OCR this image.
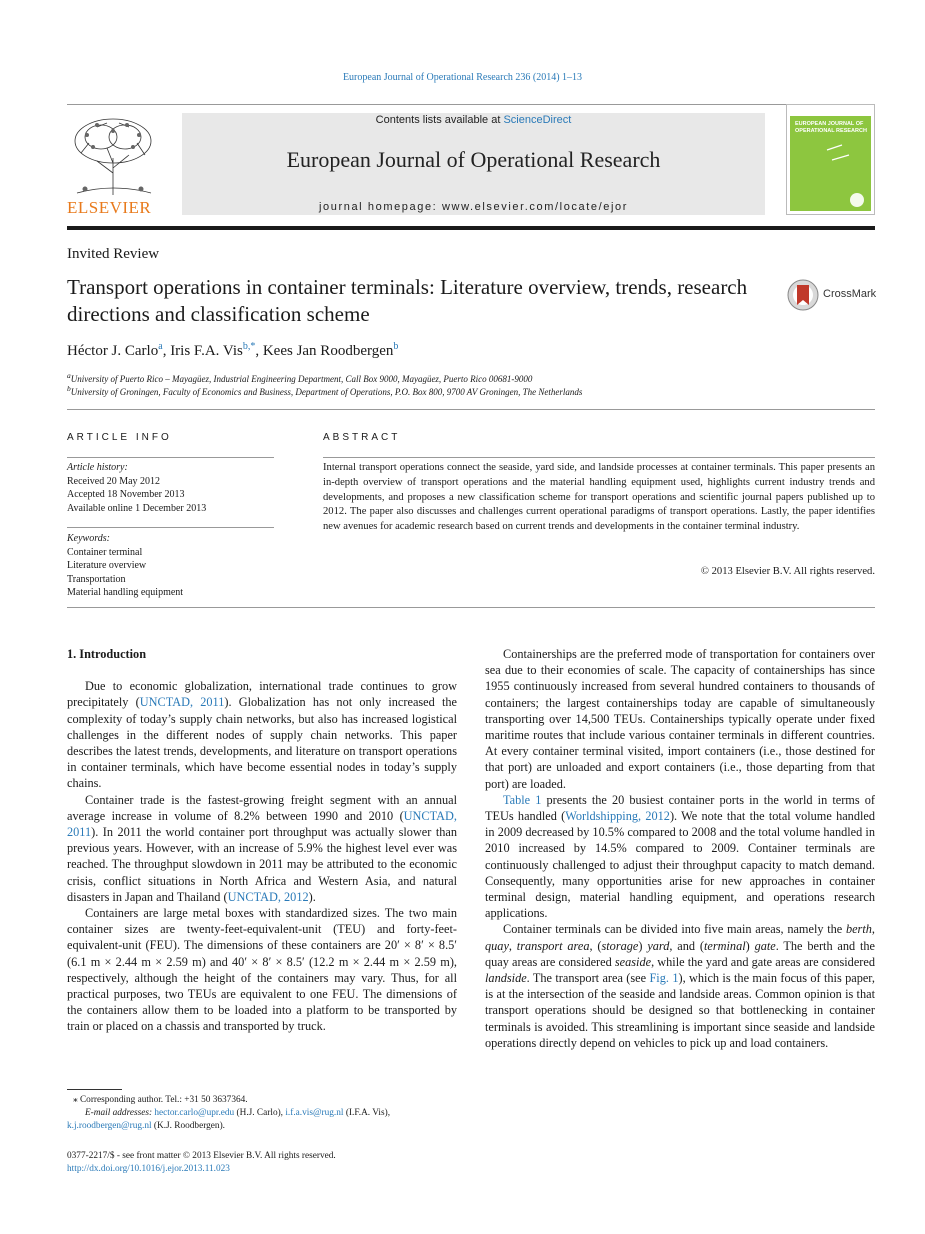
European Journal of Operational Research 236 (2014) 1–13
ELSEVIER
Contents lists available at ScienceDirect
European Journal of Operational Research
journal homepage: www.elsevier.com/locate/ejor
EUROPEAN JOURNAL OF
OPERATIONAL RESEARCH
Invited Review
Transport operations in container terminals: Literature overview, trends, research directions and classification scheme
CrossMark
Héctor J. Carlo$^a$, Iris F.A. Vis$^{b,*}$, Kees Jan Roodbergen$^b$
$^a$University of Puerto Rico – Mayagüez, Industrial Engineering Department, Call Box 9000, Mayagüez, Puerto Rico 00681-9000
$^b$University of Groningen, Faculty of Economics and Business, Department of Operations, P.O. Box 800, 9700 AV Groningen, The Netherlands
ARTICLE INFO
Article history:
Received 20 May 2012
Accepted 18 November 2013
Available online 1 December 2013
Keywords:
Container terminal
Literature overview
Transportation
Material handling equipment
ABSTRACT
Internal transport operations connect the seaside, yard side, and landside processes at container terminals. This paper presents an in-depth overview of transport operations and the material handling equipment used, highlights current industry trends and developments, and proposes a new classification scheme for transport operations and scientific journal papers published up to 2012. The paper also discusses and challenges current operational paradigms of transport operations. Lastly, the paper identifies new avenues for academic research based on current trends and developments in the container terminal industry.
© 2013 Elsevier B.V. All rights reserved.
1. Introduction

Due to economic globalization, international trade continues to grow precipitately (UNCTAD, 2011). Globalization has not only increased the complexity of today’s supply chain networks, but also has increased logistical challenges in the different nodes of supply chain networks. This paper describes the latest trends, developments, and literature on transport operations in container terminals, which have become essential nodes in today’s supply chains.

Container trade is the fastest-growing freight segment with an annual average increase in volume of 8.2% between 1990 and 2010 (UNCTAD, 2011). In 2011 the world container port throughput was actually slower than previous years. However, with an increase of 5.9% the highest level ever was reached. The throughput slowdown in 2011 may be attributed to the economic crisis, conflict situations in North Africa and Western Asia, and natural disasters in Japan and Thailand (UNCTAD, 2012).

Containers are large metal boxes with standardized sizes. The two main container sizes are twenty-feet-equivalent-unit (TEU) and forty-feet-equivalent-unit (FEU). The dimensions of these containers are 20′ × 8′ × 8.5′ (6.1 m × 2.44 m × 2.59 m) and 40′ × 8′ × 8.5′ (12.2 m × 2.44 m × 2.59 m), respectively, although the height of the containers may vary. Thus, for all practical purposes, two TEUs are equivalent to one FEU. The dimensions of the containers allow them to be loaded into a platform to be transported by train or placed on a chassis and transported by truck.

Containerships are the preferred mode of transportation for containers over sea due to their economies of scale. The capacity of containerships has since 1955 continuously increased from several hundred containers to thousands of containers; the largest containerships today are capable of simultaneously transporting over 14,500 TEUs. Containerships typically operate under fixed maritime routes that include various container terminals in different countries. At every container terminal visited, import containers (i.e., those destined for that port) are unloaded and export containers (i.e., those departing from that port) are loaded.

Table 1 presents the 20 busiest container ports in the world in terms of TEUs handled (Worldshipping, 2012). We note that the total volume handled in 2009 decreased by 10.5% compared to 2008 and the total volume handled in 2010 increased by 14.5% compared to 2009. Container terminals are continuously challenged to adjust their throughput capacity to match demand. Consequently, many opportunities arise for new approaches in container terminal design, material handling equipment, and operations research applications.

Container terminals can be divided into five main areas, namely the berth, quay, transport area, (storage) yard, and (terminal) gate. The berth and the quay areas are considered seaside, while the yard and gate areas are considered landside. The transport area (see Fig. 1), which is the main focus of this paper, is at the intersection of the seaside and landside areas. Common opinion is that transport operations should be designed so that bottlenecking in container terminals is avoided. This streamlining is important since seaside and landside operations directly depend on vehicles to pick up and load containers.

⁎ Corresponding author. Tel.: +31 50 3637364.
E-mail addresses: hector.carlo@upr.edu (H.J. Carlo), i.f.a.vis@rug.nl (I.F.A. Vis),
k.j.roodbergen@rug.nl (K.J. Roodbergen).
0377-2217/$ - see front matter © 2013 Elsevier B.V. All rights reserved.
http://dx.doi.org/10.1016/j.ejor.2013.11.023
